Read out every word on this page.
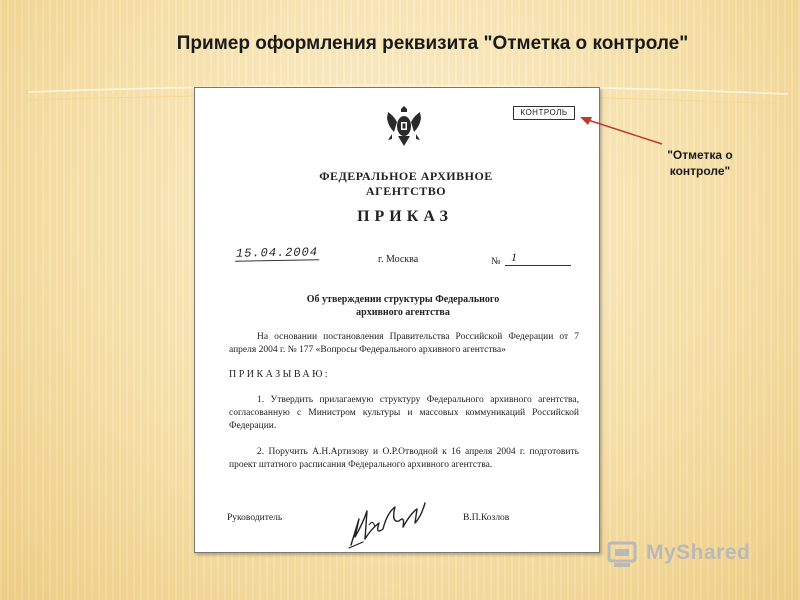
Пример оформления реквизита "Отметка о контроле"
КОНТРОЛЬ
ФЕДЕРАЛЬНОЕ АРХИВНОЕ АГЕНТСТВО
ПРИКАЗ
15.04.2004	г. Москва	№ 1
Об утверждении структуры Федерального архивного агентства
На основании постановления Правительства Российской Федерации от 7 апреля 2004 г. № 177 «Вопросы Федерального архивного агентства»
ПРИКАЗЫВАЮ:
1. Утвердить прилагаемую структуру Федерального архивного агентства, согласованную с Министром культуры и массовых коммуникаций Российской Федерации.
2. Поручить А.Н.Артизову и О.Р.Отводной к 16 апреля 2004 г. подготовить проект штатного расписания Федерального архивного агентства.
Руководитель	В.П.Козлов
"Отметка о контроле"
MyShared
